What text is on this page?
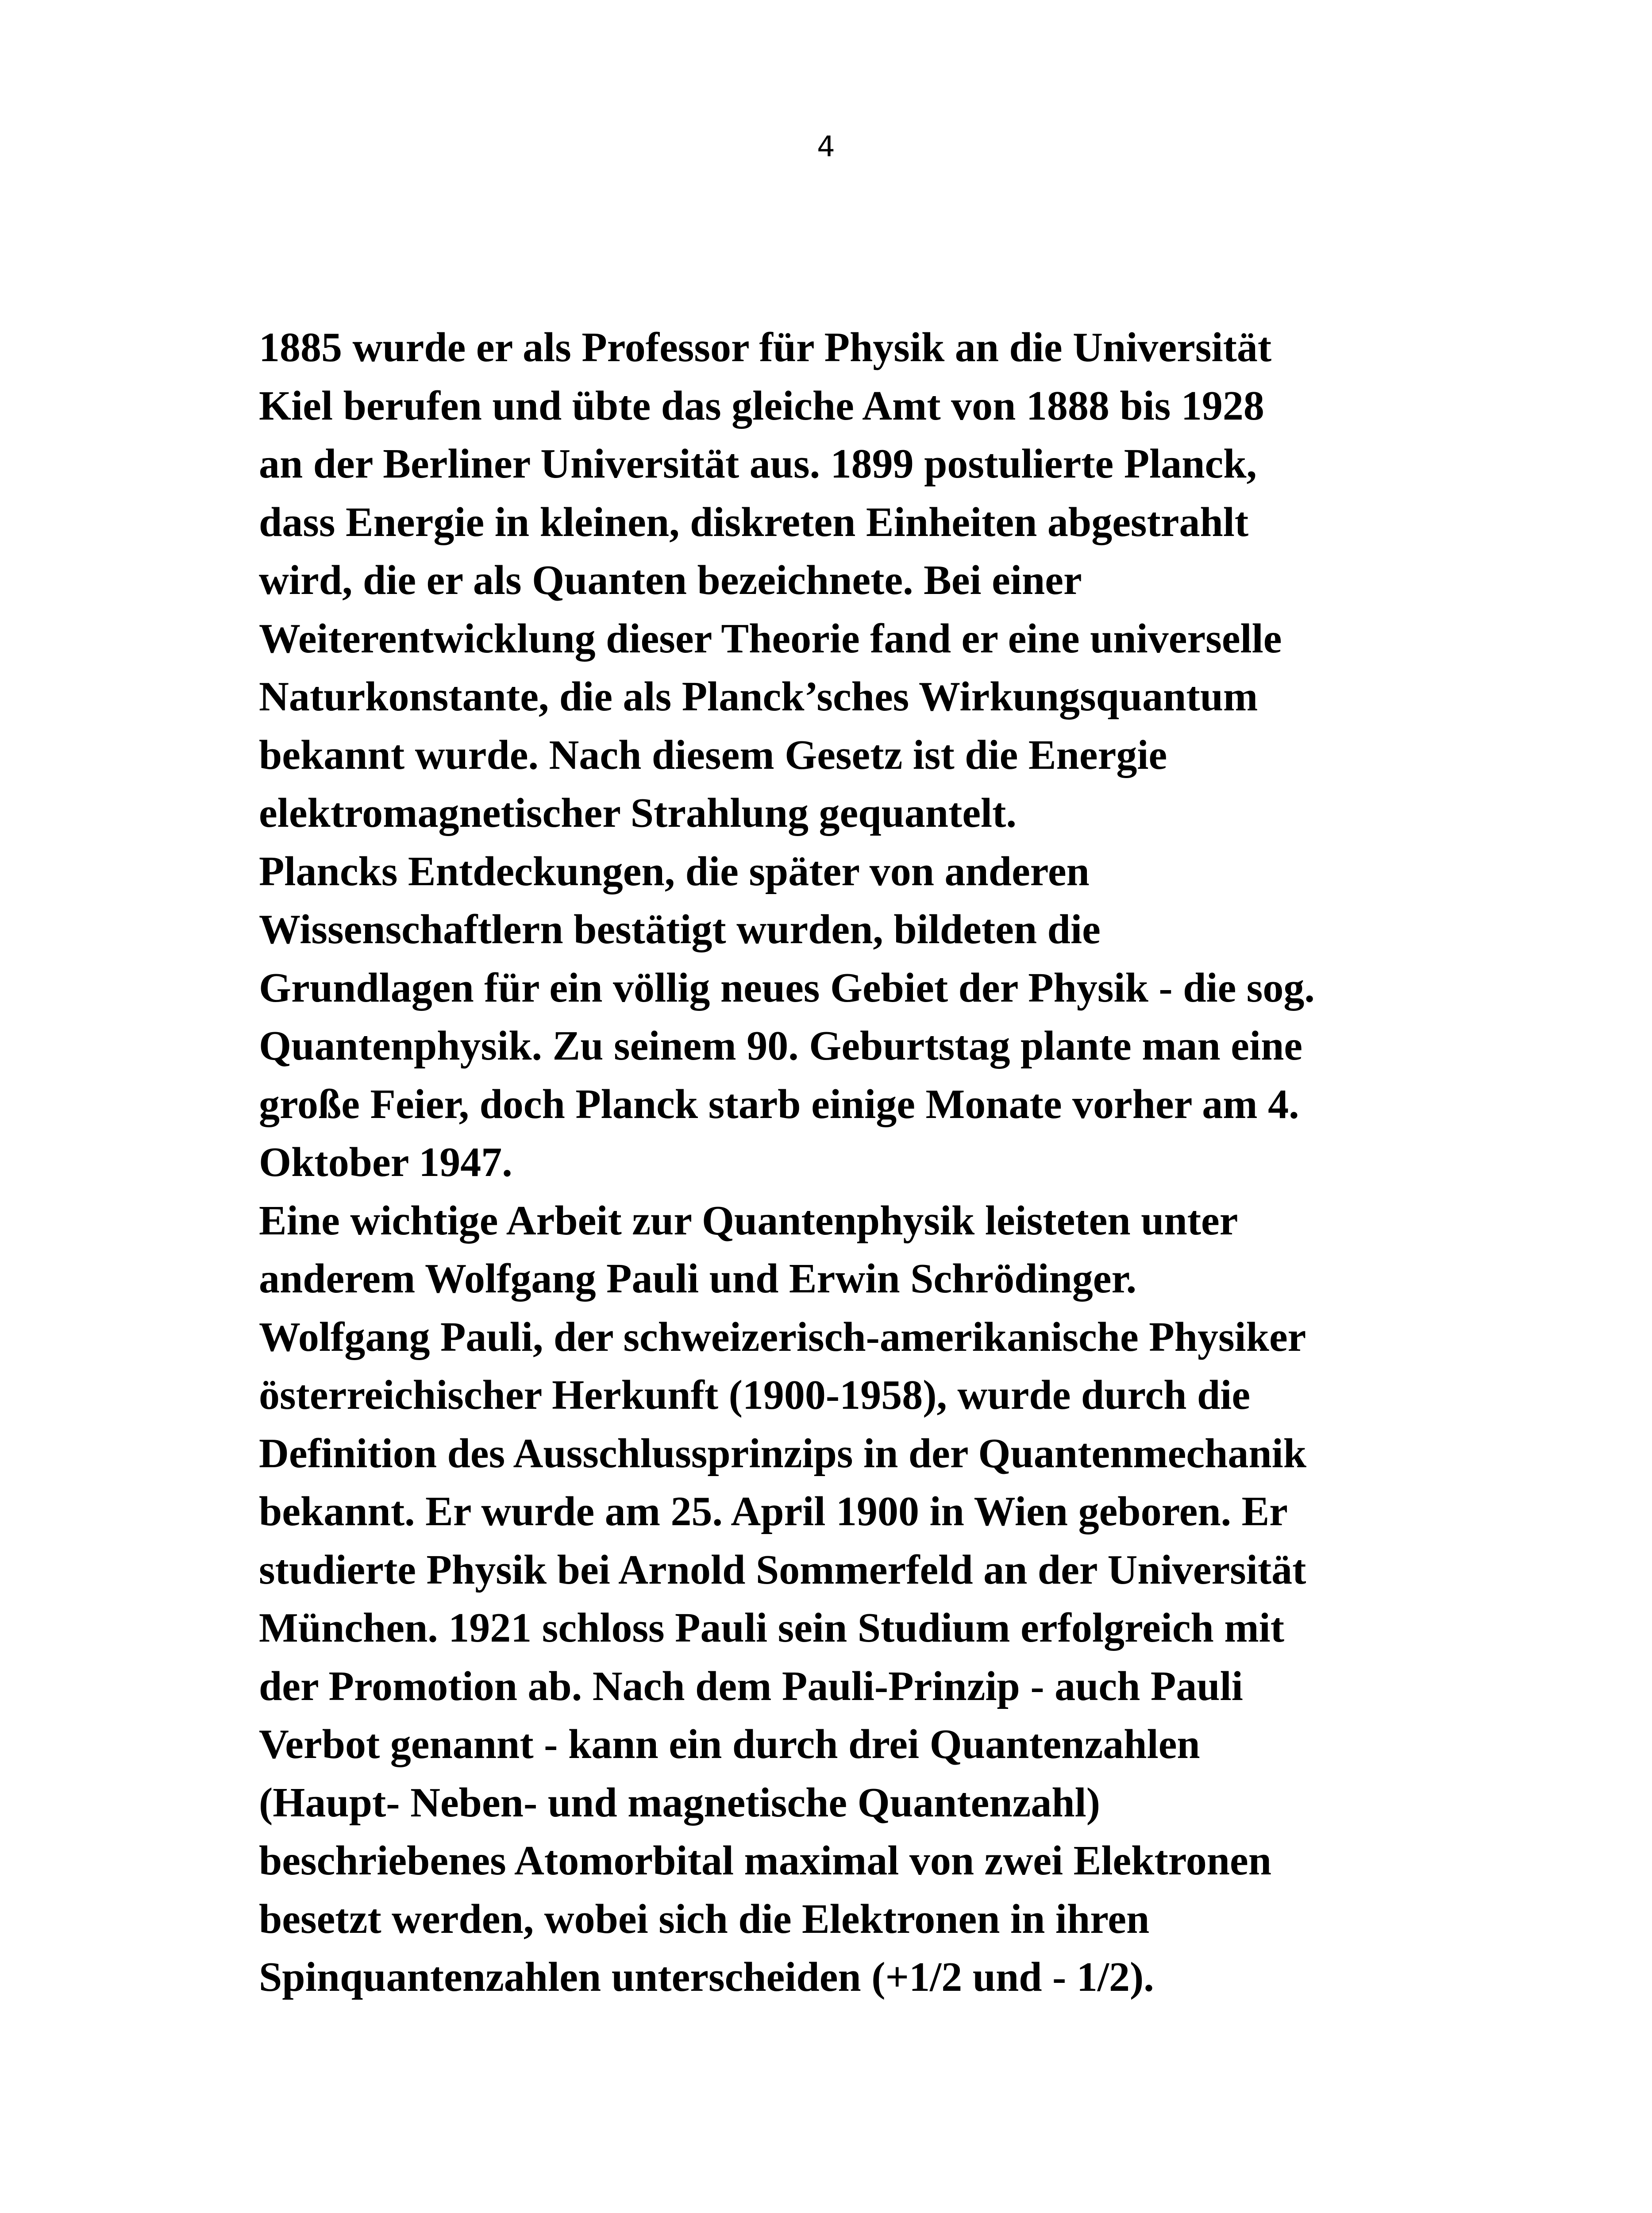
4
1885 wurde er als Professor für Physik an die Universität
Kiel berufen und übte das gleiche Amt von 1888 bis 1928
an der Berliner Universität aus. 1899 postulierte Planck,
dass Energie in kleinen, diskreten Einheiten abgestrahlt
wird, die er als Quanten bezeichnete. Bei einer
Weiterentwicklung dieser Theorie fand er eine universelle
Naturkonstante, die als Planck’sches Wirkungsquantum
bekannt wurde. Nach diesem Gesetz ist die Energie
elektromagnetischer Strahlung gequantelt.
Plancks Entdeckungen, die später von anderen
Wissenschaftlern bestätigt wurden, bildeten die
Grundlagen für ein völlig neues Gebiet der Physik - die sog.
Quantenphysik. Zu seinem 90. Geburtstag plante man eine
große Feier, doch Planck starb einige Monate vorher am 4.
Oktober 1947.
Eine wichtige Arbeit zur Quantenphysik leisteten unter
anderem Wolfgang Pauli und Erwin Schrödinger.
Wolfgang Pauli, der schweizerisch-amerikanische Physiker
österreichischer Herkunft (1900-1958), wurde durch die
Definition des Ausschlussprinzips in der Quantenmechanik
bekannt. Er wurde am 25. April 1900 in Wien geboren. Er
studierte Physik bei Arnold Sommerfeld an der Universität
München. 1921 schloss Pauli sein Studium erfolgreich mit
der Promotion ab. Nach dem Pauli-Prinzip - auch Pauli
Verbot genannt - kann ein durch drei Quantenzahlen
(Haupt- Neben- und magnetische Quantenzahl)
beschriebenes Atomorbital maximal von zwei Elektronen
besetzt werden, wobei sich die Elektronen in ihren
Spinquantenzahlen unterscheiden (+1/2 und - 1/2).
